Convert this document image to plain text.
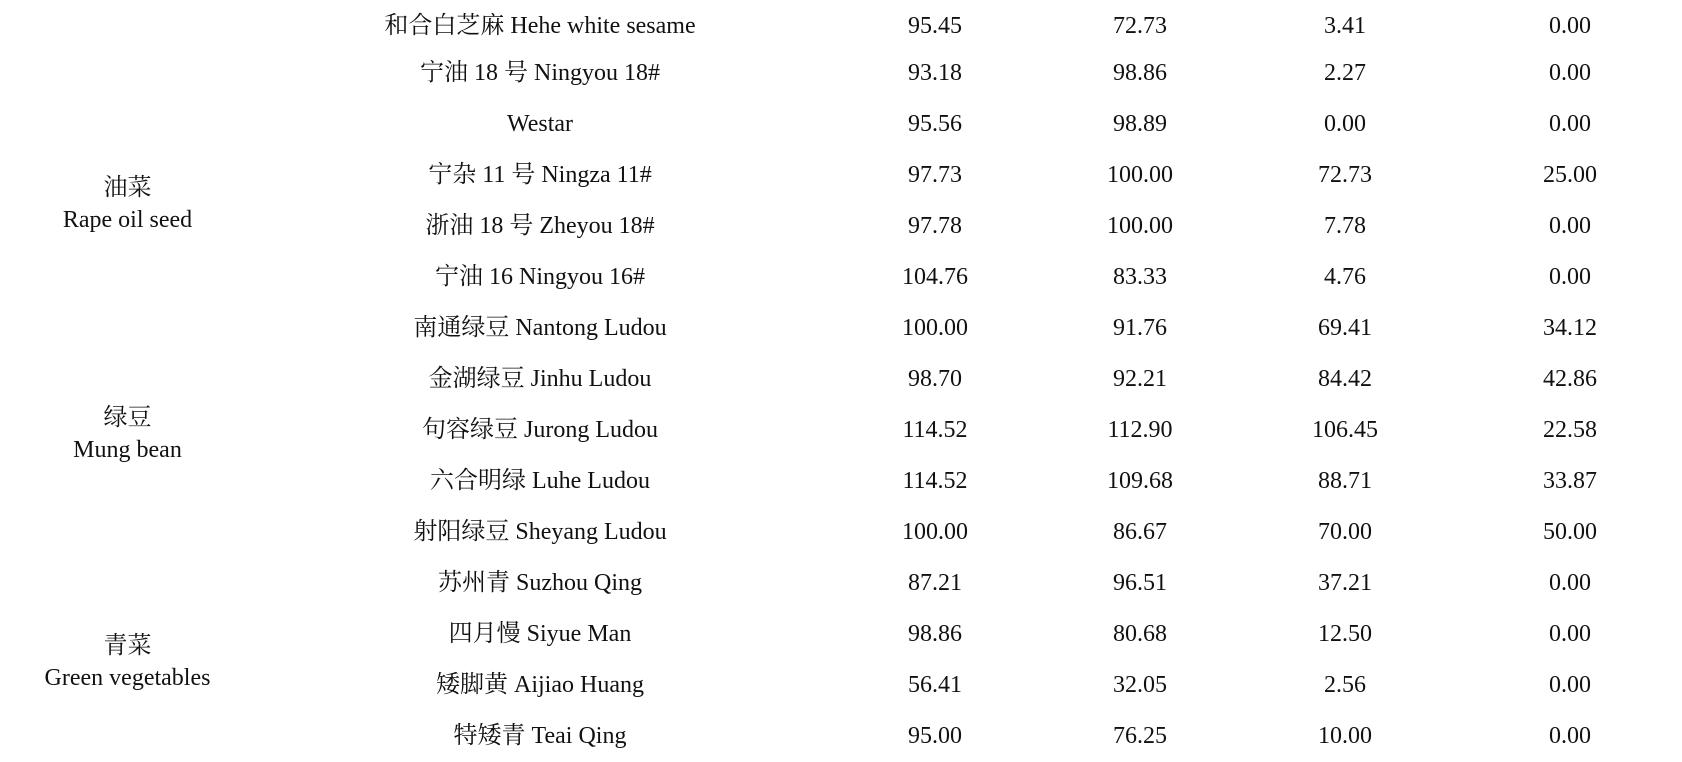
和合白芝麻 Hehe white sesame	95.45	72.73	3.41	0.00
油菜
Rape oil seed
宁油 18 号 Ningyou 18#	93.18	98.86	2.27	0.00
Westar	95.56	98.89	0.00	0.00
宁杂 11 号 Ningza 11#	97.73	100.00	72.73	25.00
浙油 18 号 Zheyou 18#	97.78	100.00	7.78	0.00
宁油 16 Ningyou 16#	104.76	83.33	4.76	0.00
绿豆
Mung bean
南通绿豆 Nantong Ludou	100.00	91.76	69.41	34.12
金湖绿豆 Jinhu Ludou	98.70	92.21	84.42	42.86
句容绿豆 Jurong Ludou	114.52	112.90	106.45	22.58
六合明绿 Luhe Ludou	114.52	109.68	88.71	33.87
射阳绿豆 Sheyang Ludou	100.00	86.67	70.00	50.00
青菜
Green vegetables
苏州青 Suzhou Qing	87.21	96.51	37.21	0.00
四月慢 Siyue Man	98.86	80.68	12.50	0.00
矮脚黄 Aijiao Huang	56.41	32.05	2.56	0.00
特矮青 Teai Qing	95.00	76.25	10.00	0.00
